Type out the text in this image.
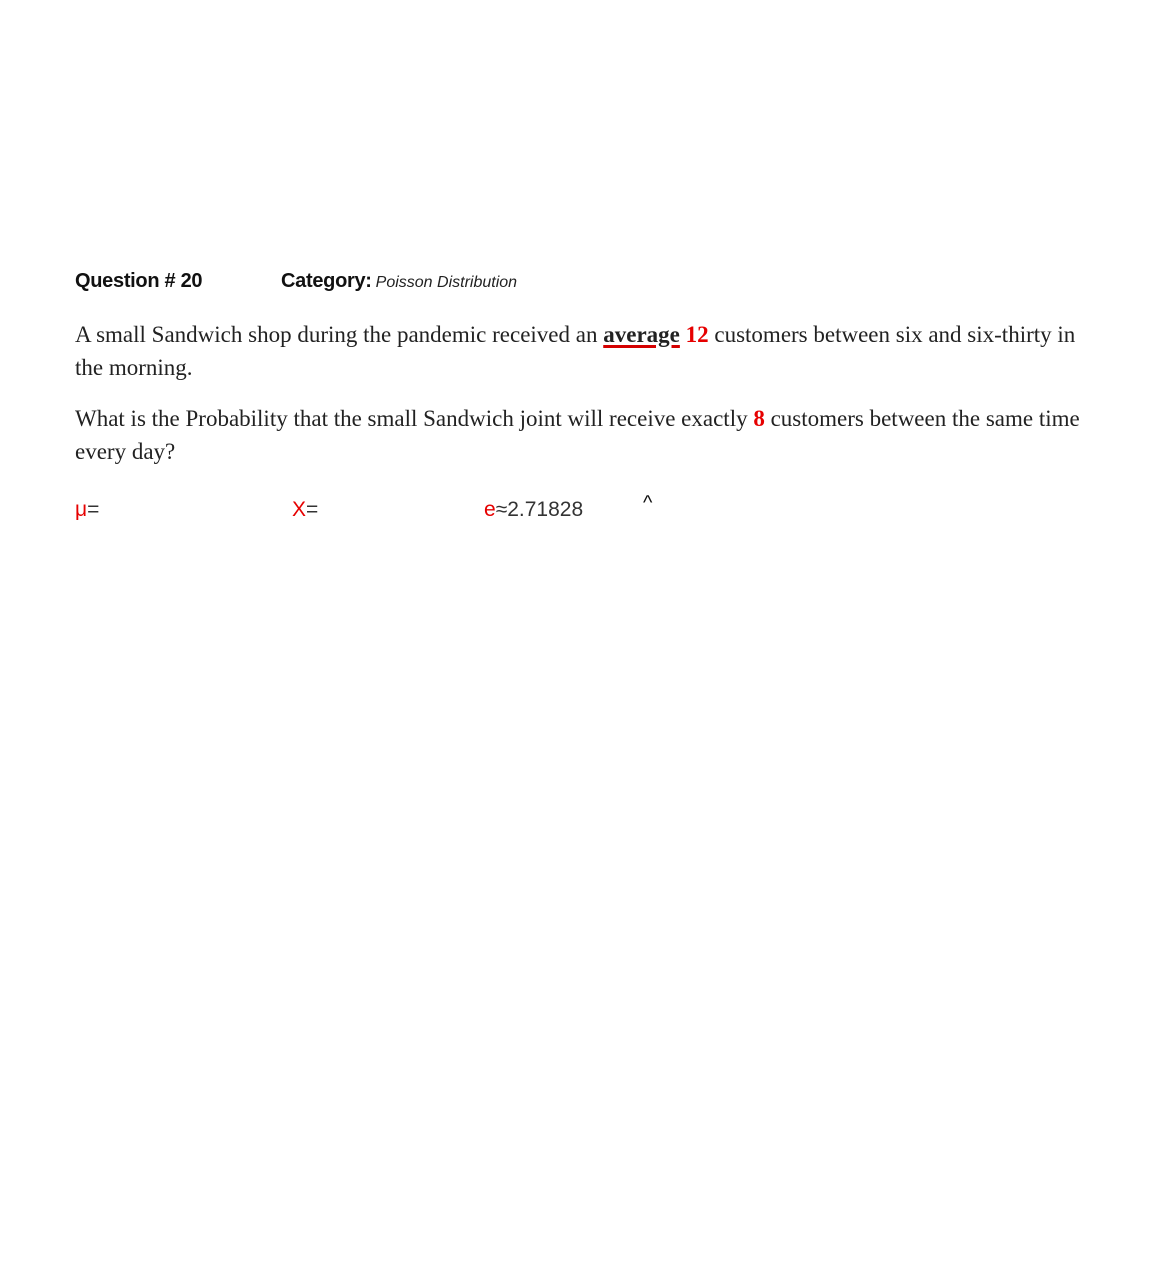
Question # 20	Category: Poisson Distribution

A small Sandwich shop during the pandemic received an average 12 customers between six and six-thirty in the morning.

What is the Probability that the small Sandwich joint will receive exactly 8 customers between the same time every day?

μ=	X=	e≈2.71828	^
